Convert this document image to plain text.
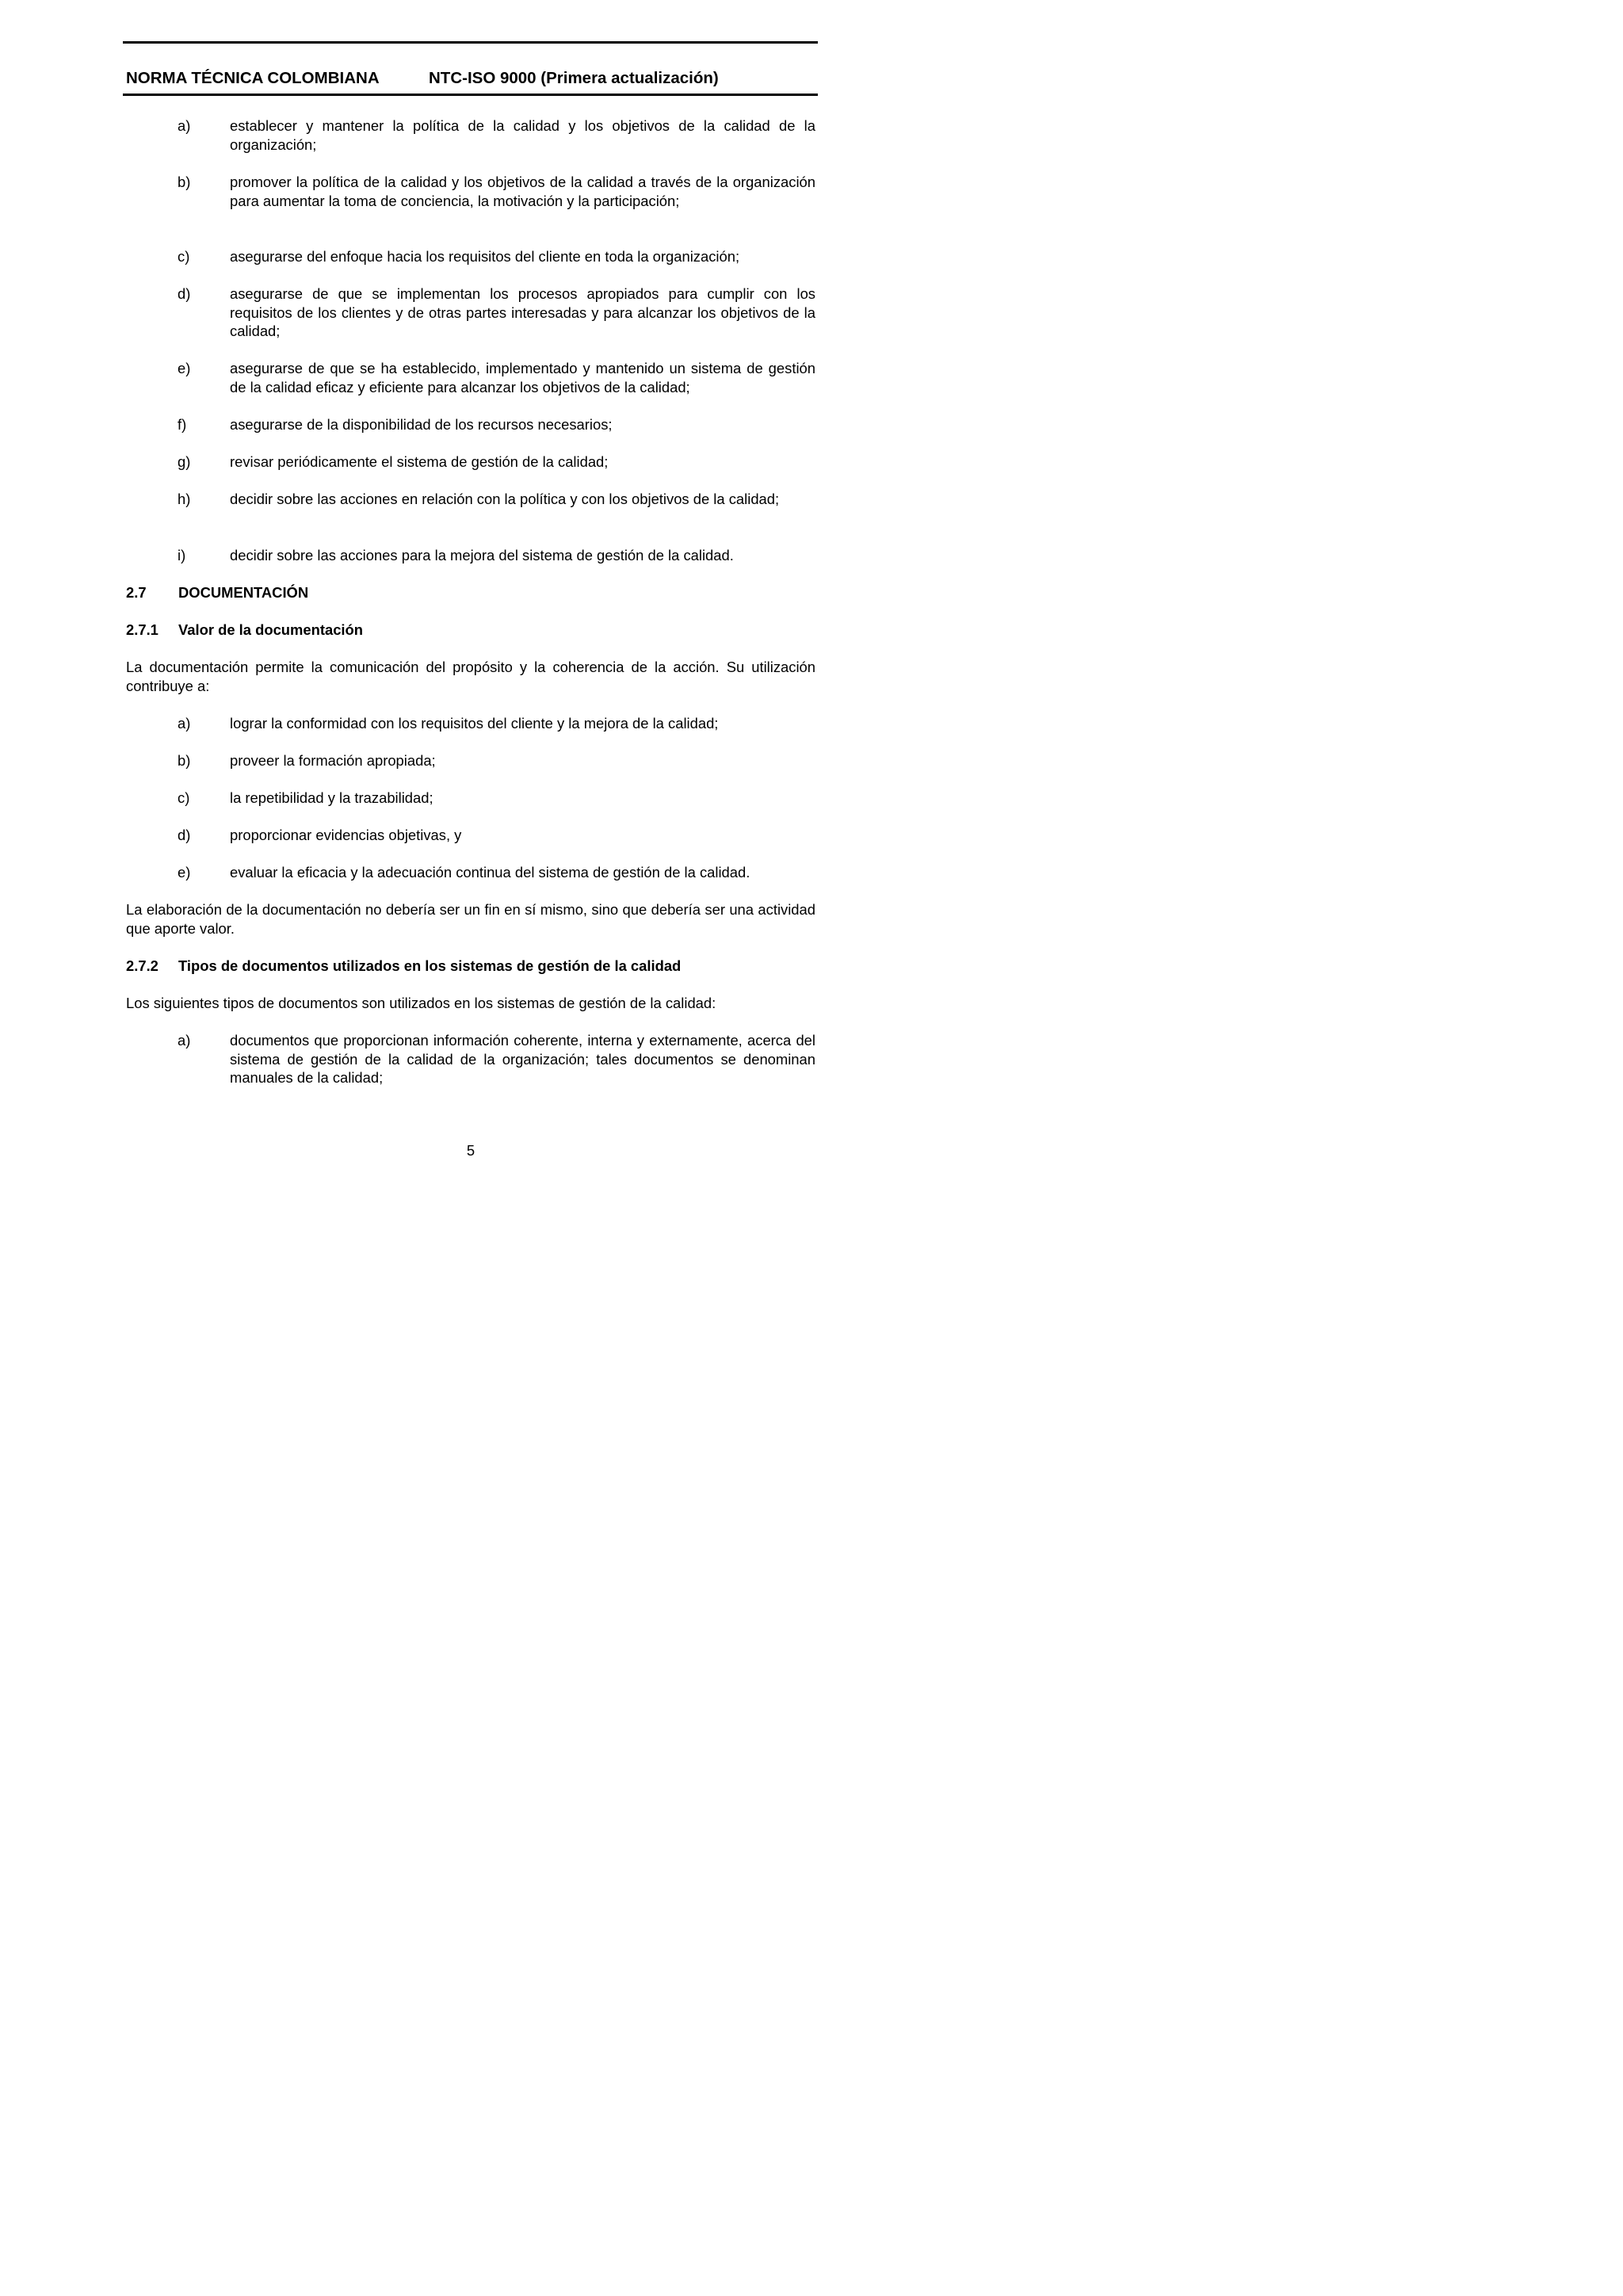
NORMA TÉCNICA COLOMBIANA	NTC-ISO 9000 (Primera actualización)
a)	establecer y mantener la política de la calidad y los objetivos de la calidad de la organización;
b)	promover la política de la calidad y los objetivos de la calidad a través de la organización para aumentar la toma de conciencia, la motivación y la participación;
c)	asegurarse del enfoque hacia los requisitos del cliente en toda la organización;
d)	asegurarse de que se implementan los procesos apropiados para cumplir con los requisitos de los clientes y de otras partes interesadas y para alcanzar los objetivos de la calidad;
e)	asegurarse de que se ha establecido, implementado y mantenido un sistema de gestión de la calidad eficaz y eficiente para alcanzar los objetivos de la calidad;
f)	asegurarse de la disponibilidad de los recursos necesarios;
g)	revisar periódicamente el sistema de gestión de la calidad;
h)	decidir sobre las acciones en relación con la política y con los objetivos de la calidad;
i)	decidir sobre las acciones para la mejora del sistema de gestión de la calidad.
2.7 DOCUMENTACIÓN
2.7.1 Valor de la documentación
La documentación permite la comunicación del propósito y la coherencia de la acción. Su utilización contribuye a:
a)	lograr la conformidad con los requisitos del cliente y la mejora de la calidad;
b)	proveer la formación apropiada;
c)	la repetibilidad y la trazabilidad;
d)	proporcionar evidencias objetivas, y
e)	evaluar la eficacia y la adecuación continua del sistema de gestión de la calidad.
La elaboración de la documentación no debería ser un fin en sí mismo, sino que debería ser una actividad que aporte valor.
2.7.2 Tipos de documentos utilizados en los sistemas de gestión de la calidad
Los siguientes tipos de documentos son utilizados en los sistemas de gestión de la calidad:
a)	documentos que proporcionan información coherente, interna y externamente, acerca del sistema de gestión de la calidad de la organización; tales documentos se denominan manuales de la calidad;
5
